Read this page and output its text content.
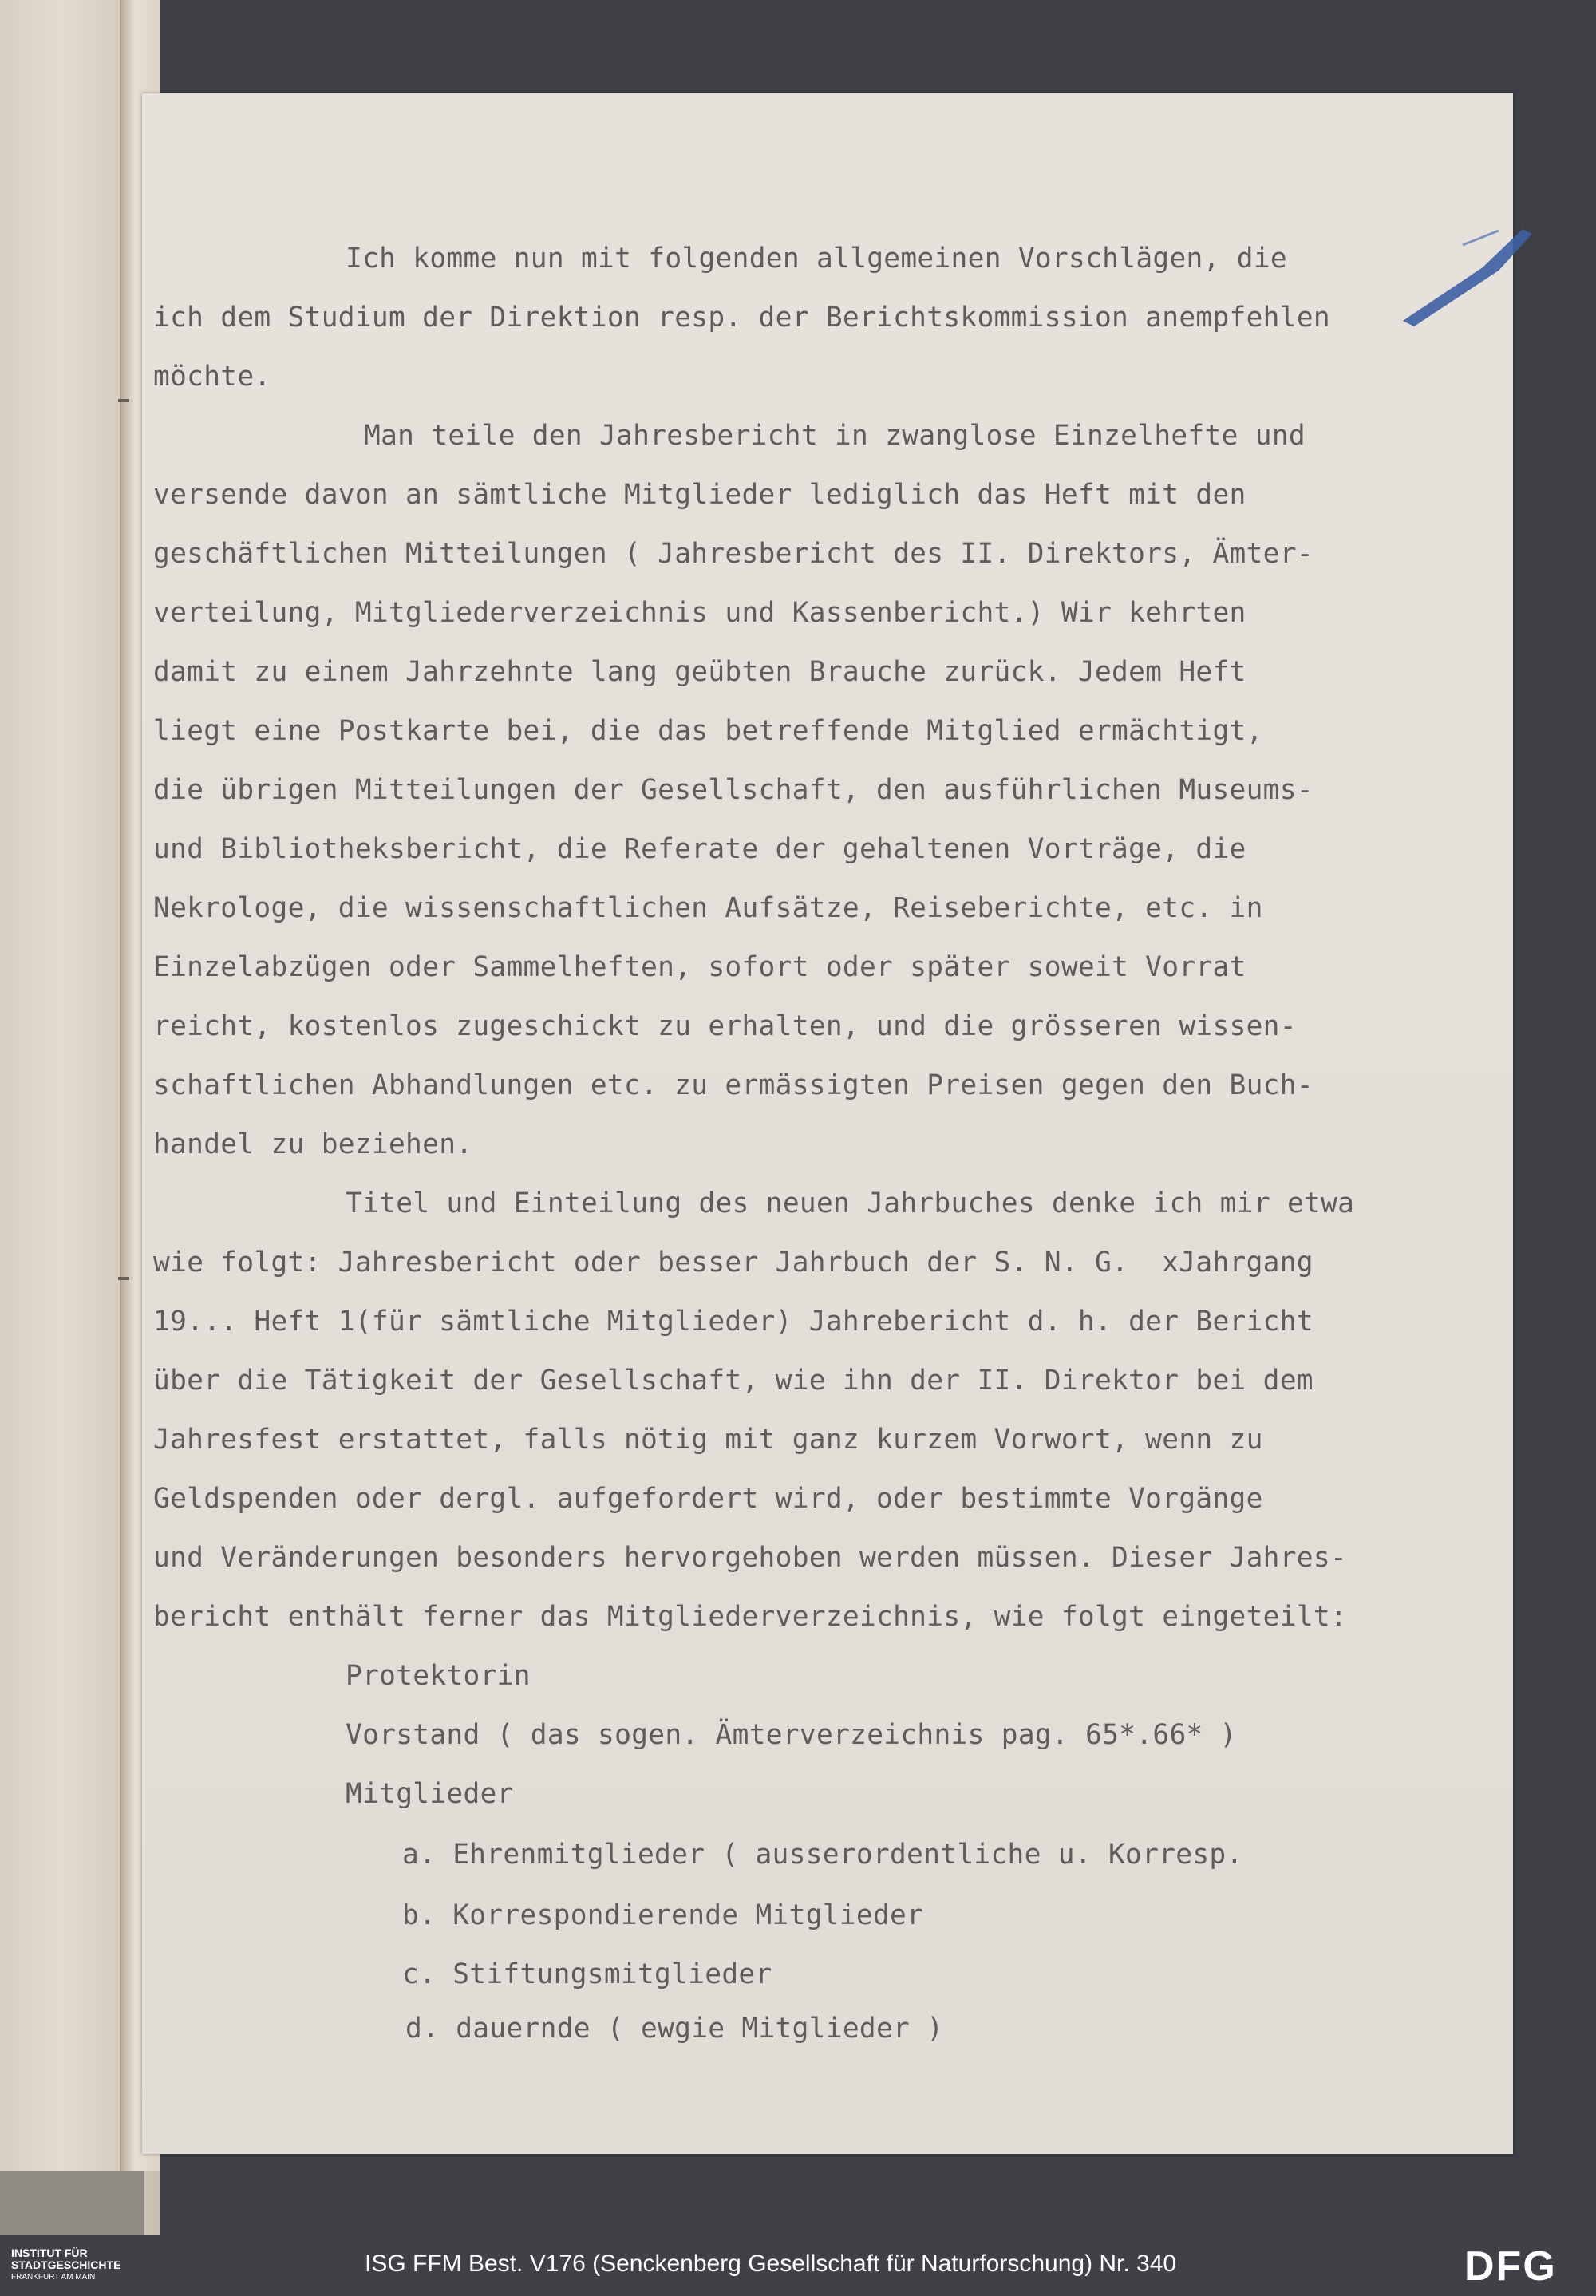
Ich komme nun mit folgenden allgemeinen Vorschlägen, die
ich dem Studium der Direktion resp. der Berichtskommission anempfehlen
möchte.
Man teile den Jahresbericht in zwanglose Einzelhefte und
versende davon an sämtliche Mitglieder lediglich das Heft mit den
geschäftlichen Mitteilungen ( Jahresbericht des II. Direktors, Ämter-
verteilung, Mitgliederverzeichnis und Kassenbericht.) Wir kehrten
damit zu einem Jahrzehnte lang geübten Brauche zurück. Jedem Heft
liegt eine Postkarte bei, die das betreffende Mitglied ermächtigt,
die übrigen Mitteilungen der Gesellschaft, den ausführlichen Museums-
und Bibliotheksbericht, die Referate der gehaltenen Vorträge, die
Nekrologe, die wissenschaftlichen Aufsätze, Reiseberichte, etc. in
Einzelabzügen oder Sammelheften, sofort oder später soweit Vorrat
reicht, kostenlos zugeschickt zu erhalten, und die grösseren wissen-
schaftlichen Abhandlungen etc. zu ermässigten Preisen gegen den Buch-
handel zu beziehen.
Titel und Einteilung des neuen Jahrbuches denke ich mir etwa
wie folgt: Jahresbericht oder besser Jahrbuch der S. N. G.  xJahrgang
19... Heft 1(für sämtliche Mitglieder) Jahrebericht d. h. der Bericht
über die Tätigkeit der Gesellschaft, wie ihn der II. Direktor bei dem
Jahresfest erstattet, falls nötig mit ganz kurzem Vorwort, wenn zu
Geldspenden oder dergl. aufgefordert wird, oder bestimmte Vorgänge
und Veränderungen besonders hervorgehoben werden müssen. Dieser Jahres-
bericht enthält ferner das Mitgliederverzeichnis, wie folgt eingeteilt:
Protektorin
Vorstand ( das sogen. Ämterverzeichnis pag. 65*.66* )
Mitglieder
a. Ehrenmitglieder ( ausserordentliche u. Korresp.
b. Korrespondierende Mitglieder
c. Stiftungsmitglieder
d. dauernde ( ewgie Mitglieder )
INSTITUT FÜR
STADTGESCHICHTE
FRANKFURT AM MAIN
ISG FFM Best. V176 (Senckenberg Gesellschaft für Naturforschung) Nr. 340	DFG
